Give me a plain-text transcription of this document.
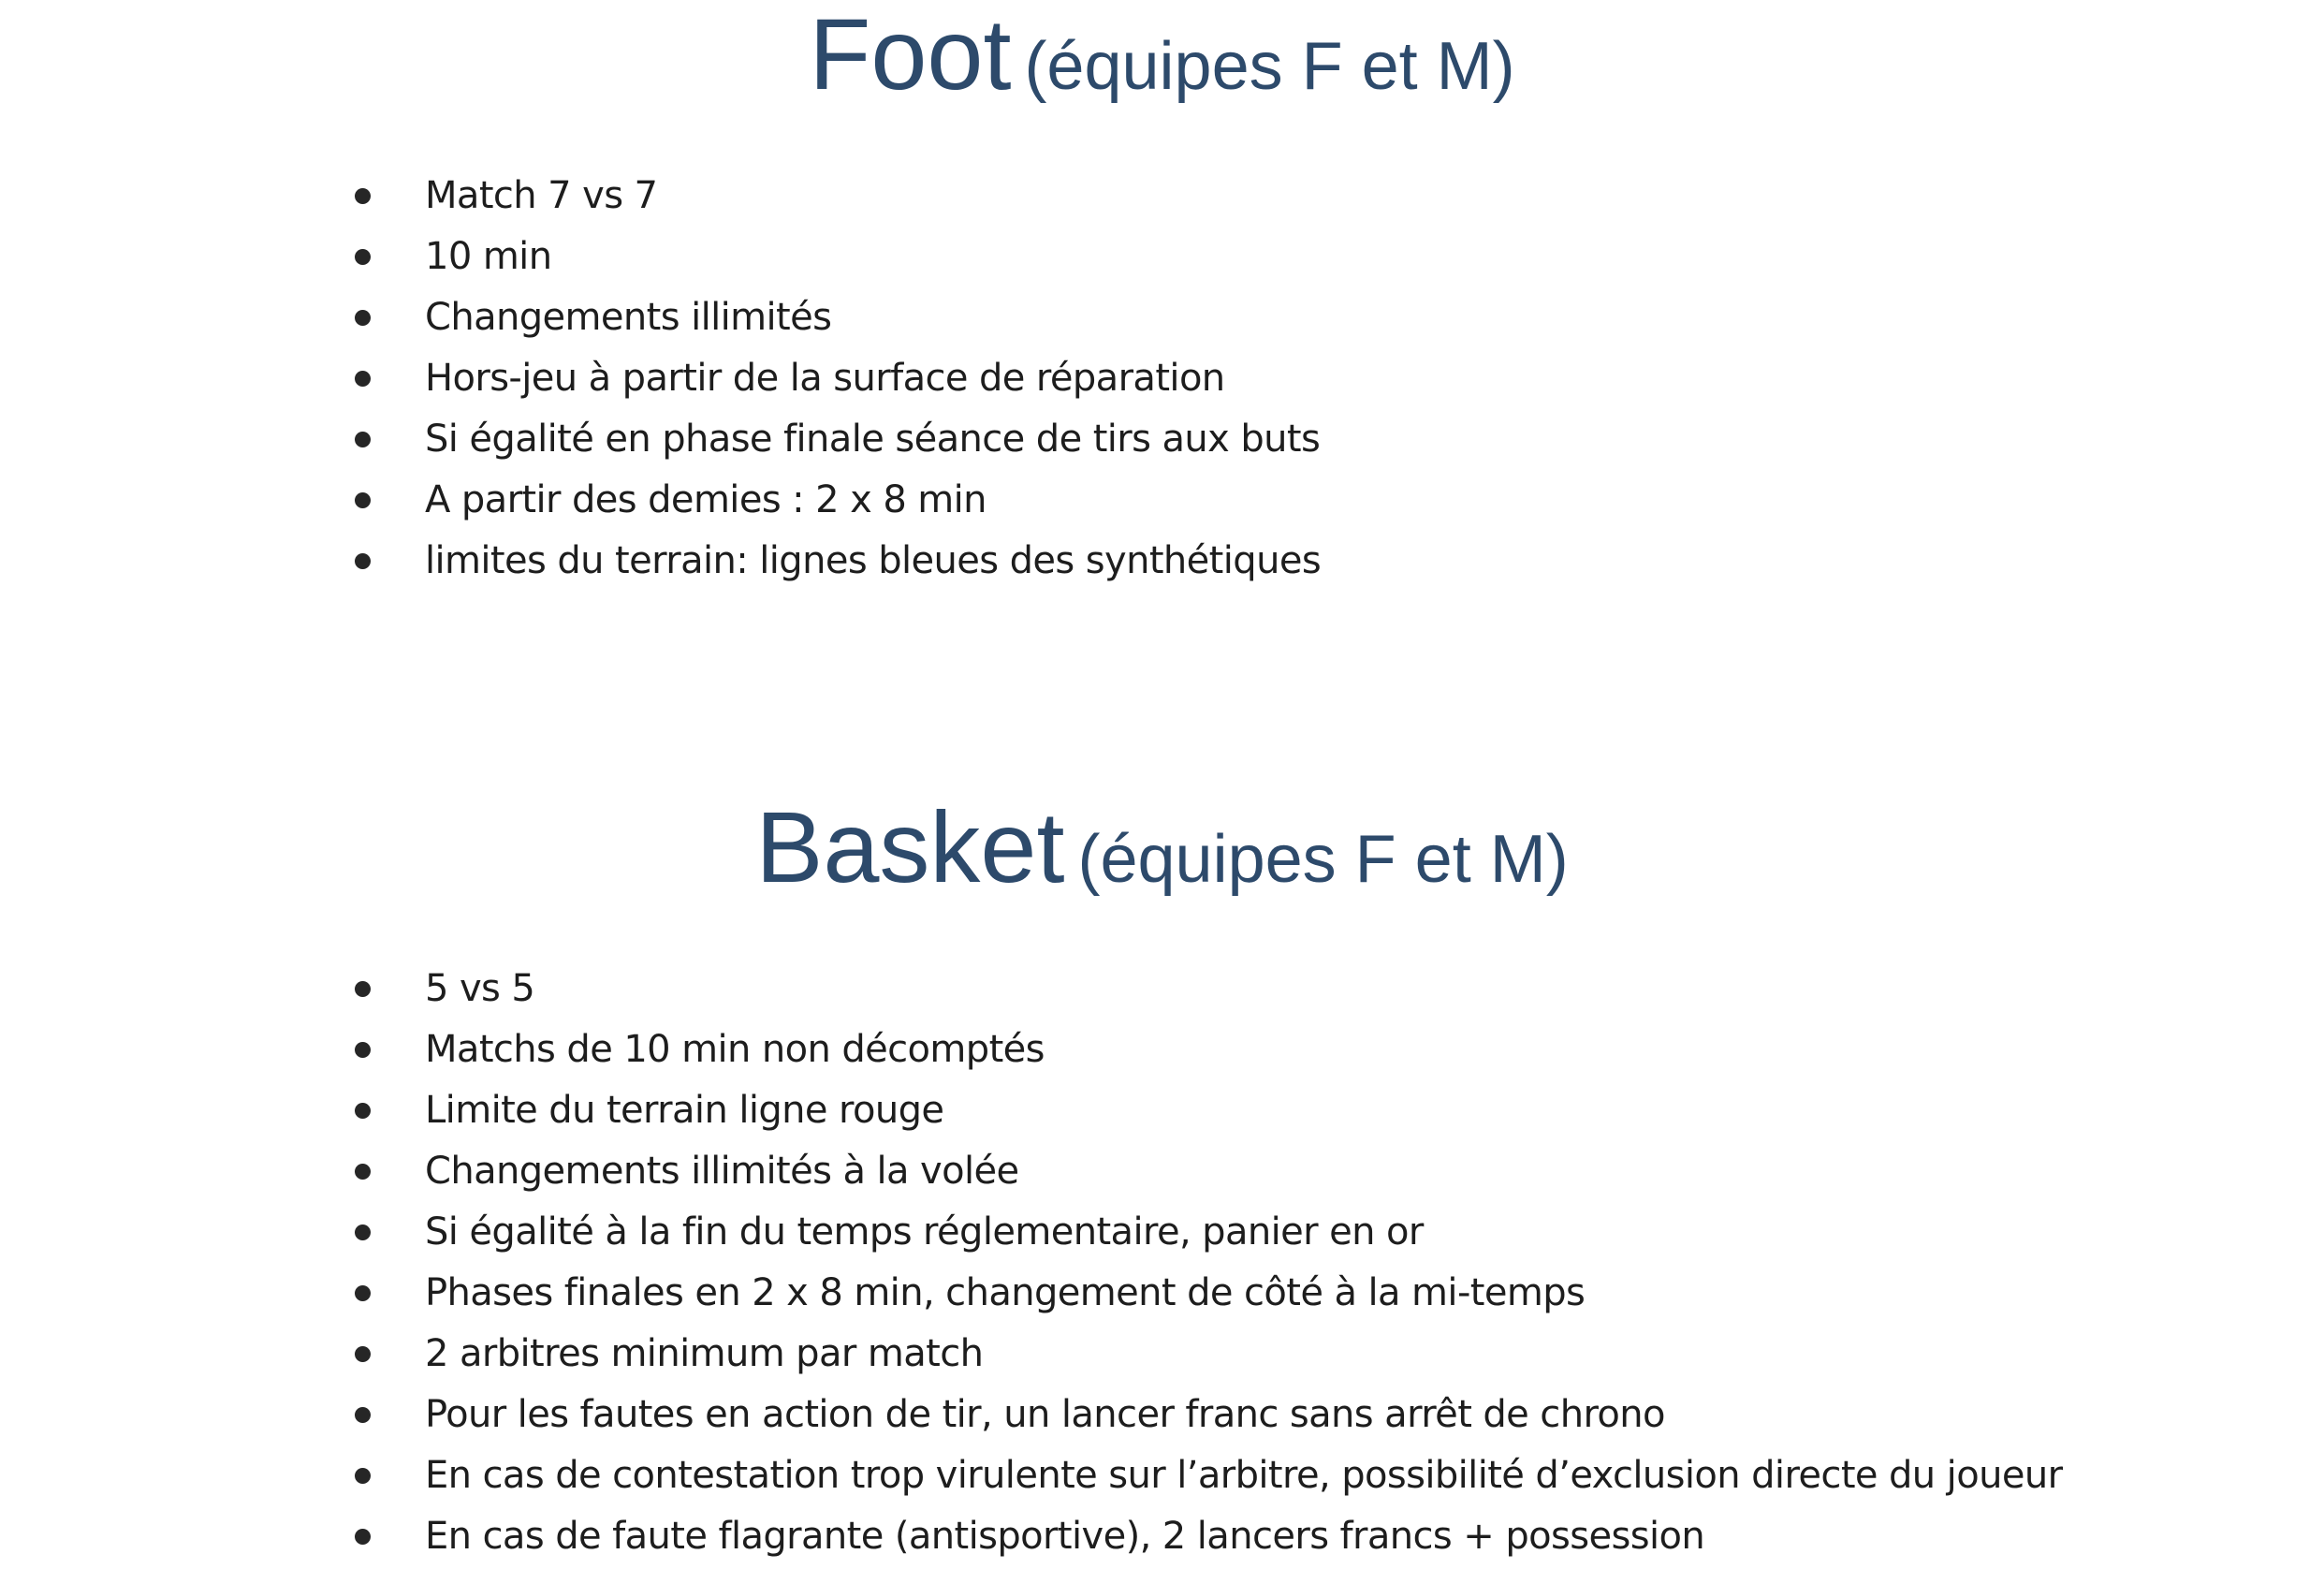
Foot (équipes F et M)
Match 7 vs 7
10 min
Changements illimités
Hors-jeu à partir de la surface de réparation
Si égalité en phase finale séance de tirs aux buts
A partir des demies : 2 x 8 min
limites du terrain: lignes bleues des synthétiques
Basket (équipes F et M)
5 vs 5
Matchs de 10 min non décomptés
Limite du terrain ligne rouge
Changements illimités à la volée
Si égalité à la fin du temps réglementaire, panier en or
Phases finales en 2 x 8 min, changement de côté à la mi-temps
2 arbitres minimum par match
Pour les fautes en action de tir, un lancer franc sans arrêt de chrono
En cas de contestation trop virulente sur l’arbitre, possibilité d’exclusion directe du joueur
En cas de faute flagrante (antisportive), 2 lancers francs + possession
